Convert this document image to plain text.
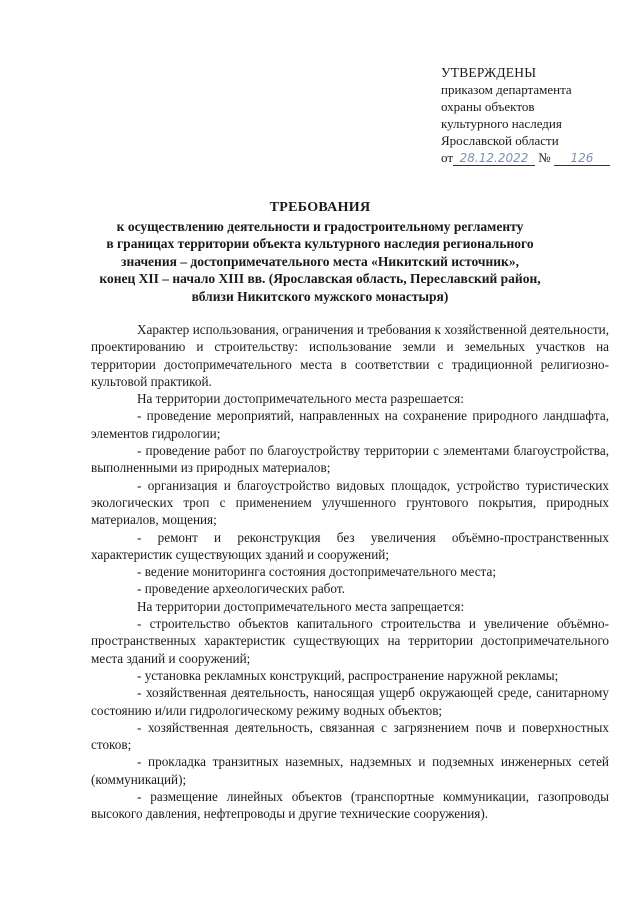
УТВЕРЖДЕНЫ
приказом департамента
охраны объектов
культурного наследия
Ярославской области
от 28.12.2022 № 126
ТРЕБОВАНИЯ
к осуществлению деятельности и градостроительному регламенту
в границах территории объекта культурного наследия регионального
значения – достопримечательного места «Никитский источник»,
конец XII – начало XIII вв. (Ярославская область, Переславский район,
вблизи Никитского мужского монастыря)

Характер использования, ограничения и требования к хозяйственной деятельности, проектированию и строительству: использование земли и земельных участков на территории достопримечательного места в соответствии с традиционной религиозно-культовой практикой.

На территории достопримечательного места разрешается:

- проведение мероприятий, направленных на сохранение природного ландшафта, элементов гидрологии;

- проведение работ по благоустройству территории с элементами благоустройства, выполненными из природных материалов;

- организация и благоустройство видовых площадок, устройство туристических экологических троп с применением улучшенного грунтового покрытия, природных материалов, мощения;

- ремонт и реконструкция без увеличения объёмно-пространственных характеристик существующих зданий и сооружений;

- ведение мониторинга состояния достопримечательного места;

- проведение археологических работ.

На территории достопримечательного места запрещается:

- строительство объектов капитального строительства и увеличение объёмно-пространственных характеристик существующих на территории достопримечательного места зданий и сооружений;

- установка рекламных конструкций, распространение наружной рекламы;

- хозяйственная деятельность, наносящая ущерб окружающей среде, санитарному состоянию и/или гидрологическому режиму водных объектов;

- хозяйственная деятельность, связанная с загрязнением почв и поверхностных стоков;

- прокладка транзитных наземных, надземных и подземных инженерных сетей (коммуникаций);

- размещение линейных объектов (транспортные коммуникации, газопроводы высокого давления, нефтепроводы и другие технические сооружения).
